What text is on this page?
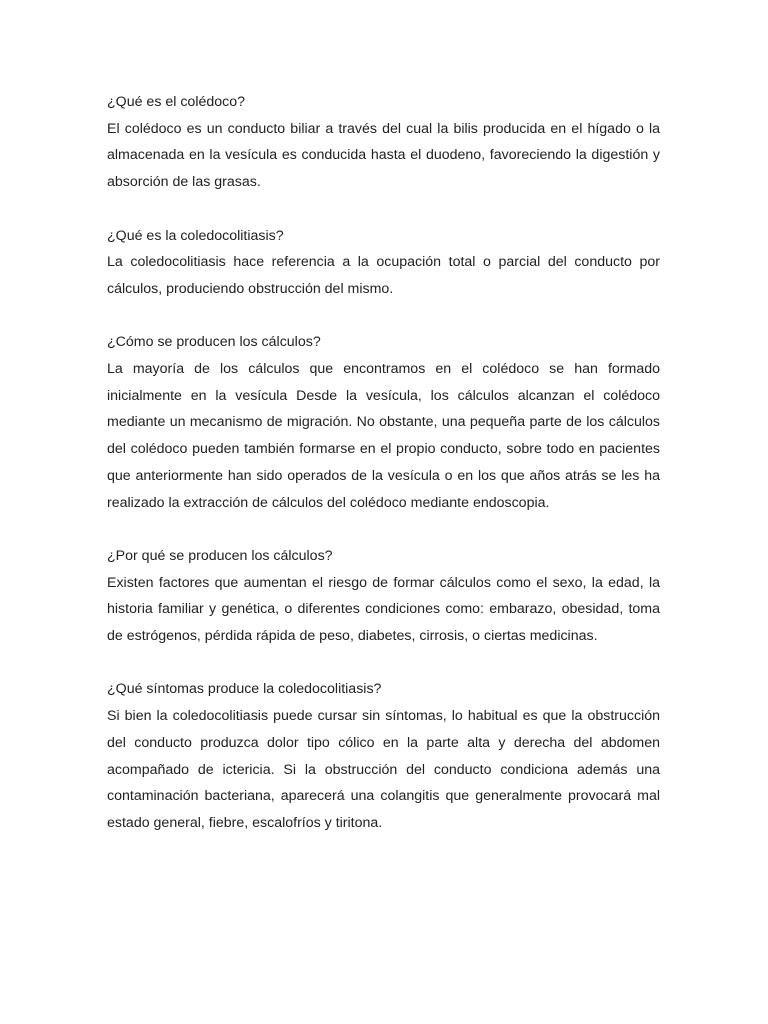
¿Qué es el colédoco?

El colédoco es un conducto biliar a través del cual la bilis producida en el hígado o la almacenada en la vesícula es conducida hasta el duodeno, favoreciendo la digestión y absorción de las grasas.

¿Qué es la coledocolitiasis?

La coledocolitiasis hace referencia a la ocupación total o parcial del conducto por cálculos, produciendo obstrucción del mismo.

¿Cómo se producen los cálculos?

La mayoría de los cálculos que encontramos en el colédoco se han formado inicialmente en la vesícula Desde la vesícula, los cálculos alcanzan el colédoco mediante un mecanismo de migración. No obstante, una pequeña parte de los cálculos del colédoco pueden también formarse en el propio conducto, sobre todo en pacientes que anteriormente han sido operados de la vesícula o en los que años atrás se les ha realizado la extracción de cálculos del colédoco mediante endoscopia.

¿Por qué se producen los cálculos?

Existen factores que aumentan el riesgo de formar cálculos como el sexo, la edad, la historia familiar y genética, o diferentes condiciones como: embarazo, obesidad, toma de estrógenos, pérdida rápida de peso, diabetes, cirrosis, o ciertas medicinas.

¿Qué síntomas produce la coledocolitiasis?

Si bien la coledocolitiasis puede cursar sin síntomas, lo habitual es que la obstrucción del conducto produzca dolor tipo cólico en la parte alta y derecha del abdomen acompañado de ictericia. Si la obstrucción del conducto condiciona además una contaminación bacteriana, aparecerá una colangitis que generalmente provocará mal estado general, fiebre, escalofríos y tiritona.
